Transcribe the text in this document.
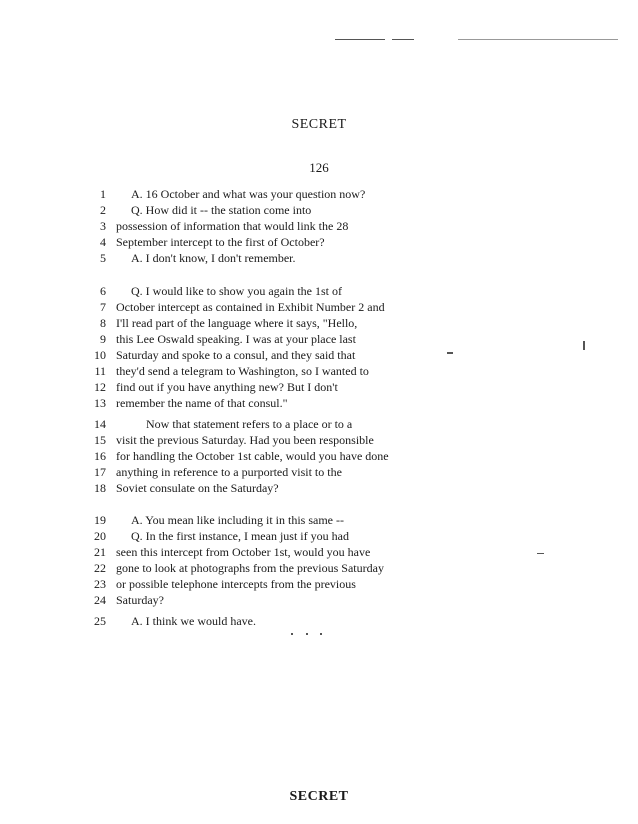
SECRET
126
1 A. 16 October and what was your question now?
2 Q. How did it -- the station come into
3 possession of information that would link the 28
4 September intercept to the first of October?
5 A. I don't know, I don't remember.
6 Q. I would like to show you again the 1st of
7 October intercept as contained in Exhibit Number 2 and
8 I'll read part of the language where it says, "Hello,
9 this Lee Oswald speaking. I was at your place last
10 Saturday and spoke to a consul, and they said that
11 they'd send a telegram to Washington, so I wanted to
12 find out if you have anything new? But I don't
13 remember the name of that consul."
14	Now that statement refers to a place or to a
15 visit the previous Saturday. Had you been responsible
16 for handling the October 1st cable, would you have done
17 anything in reference to a purported visit to the
18 Soviet consulate on the Saturday?
19 A. You mean like including it in this same --
20 Q. In the first instance, I mean just if you had
21 seen this intercept from October 1st, would you have
22 gone to look at photographs from the previous Saturday
23 or possible telephone intercepts from the previous
24 Saturday?
25 A. I think we would have.
SECRET
